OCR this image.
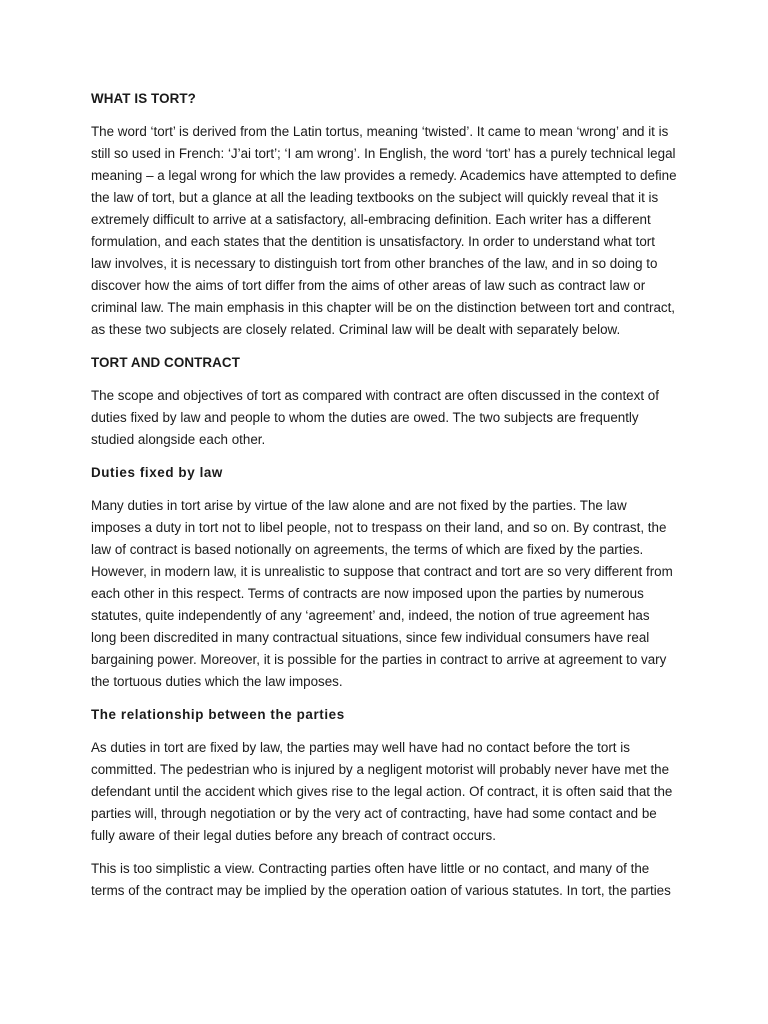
WHAT IS TORT?

The word ‘tort’ is derived from the Latin tortus, meaning ‘twisted’. It came to mean ‘wrong’ and it is
still so used in French: ‘J’ai tort’; ‘I am wrong’. In English, the word ‘tort’ has a purely technical legal
meaning – a legal wrong for which the law provides a remedy. Academics have attempted to define
the law of tort, but a glance at all the leading textbooks on the subject will quickly reveal that it is
extremely difficult to arrive at a satisfactory, all-embracing definition. Each writer has a different
formulation, and each states that the dentition is unsatisfactory. In order to understand what tort
law involves, it is necessary to distinguish tort from other branches of the law, and in so doing to
discover how the aims of tort differ from the aims of other areas of law such as contract law or
criminal law. The main emphasis in this chapter will be on the distinction between tort and contract,
as these two subjects are closely related. Criminal law will be dealt with separately below.

TORT AND CONTRACT

The scope and objectives of tort as compared with contract are often discussed in the context of
duties fixed by law and people to whom the duties are owed. The two subjects are frequently
studied alongside each other.

Duties fixed by law

Many duties in tort arise by virtue of the law alone and are not fixed by the parties. The law
imposes a duty in tort not to libel people, not to trespass on their land, and so on. By contrast, the
law of contract is based notionally on agreements, the terms of which are fixed by the parties.
However, in modern law, it is unrealistic to suppose that contract and tort are so very different from
each other in this respect. Terms of contracts are now imposed upon the parties by numerous
statutes, quite independently of any ‘agreement’ and, indeed, the notion of true agreement has
long been discredited in many contractual situations, since few individual consumers have real
bargaining power. Moreover, it is possible for the parties in contract to arrive at agreement to vary
the tortuous duties which the law imposes.

The relationship between the parties

As duties in tort are fixed by law, the parties may well have had no contact before the tort is
committed. The pedestrian who is injured by a negligent motorist will probably never have met the
defendant until the accident which gives rise to the legal action. Of contract, it is often said that the
parties will, through negotiation or by the very act of contracting, have had some contact and be
fully aware of their legal duties before any breach of contract occurs.

This is too simplistic a view. Contracting parties often have little or no contact, and many of the
terms of the contract may be implied by the operation oation of various statutes. In tort, the parties
